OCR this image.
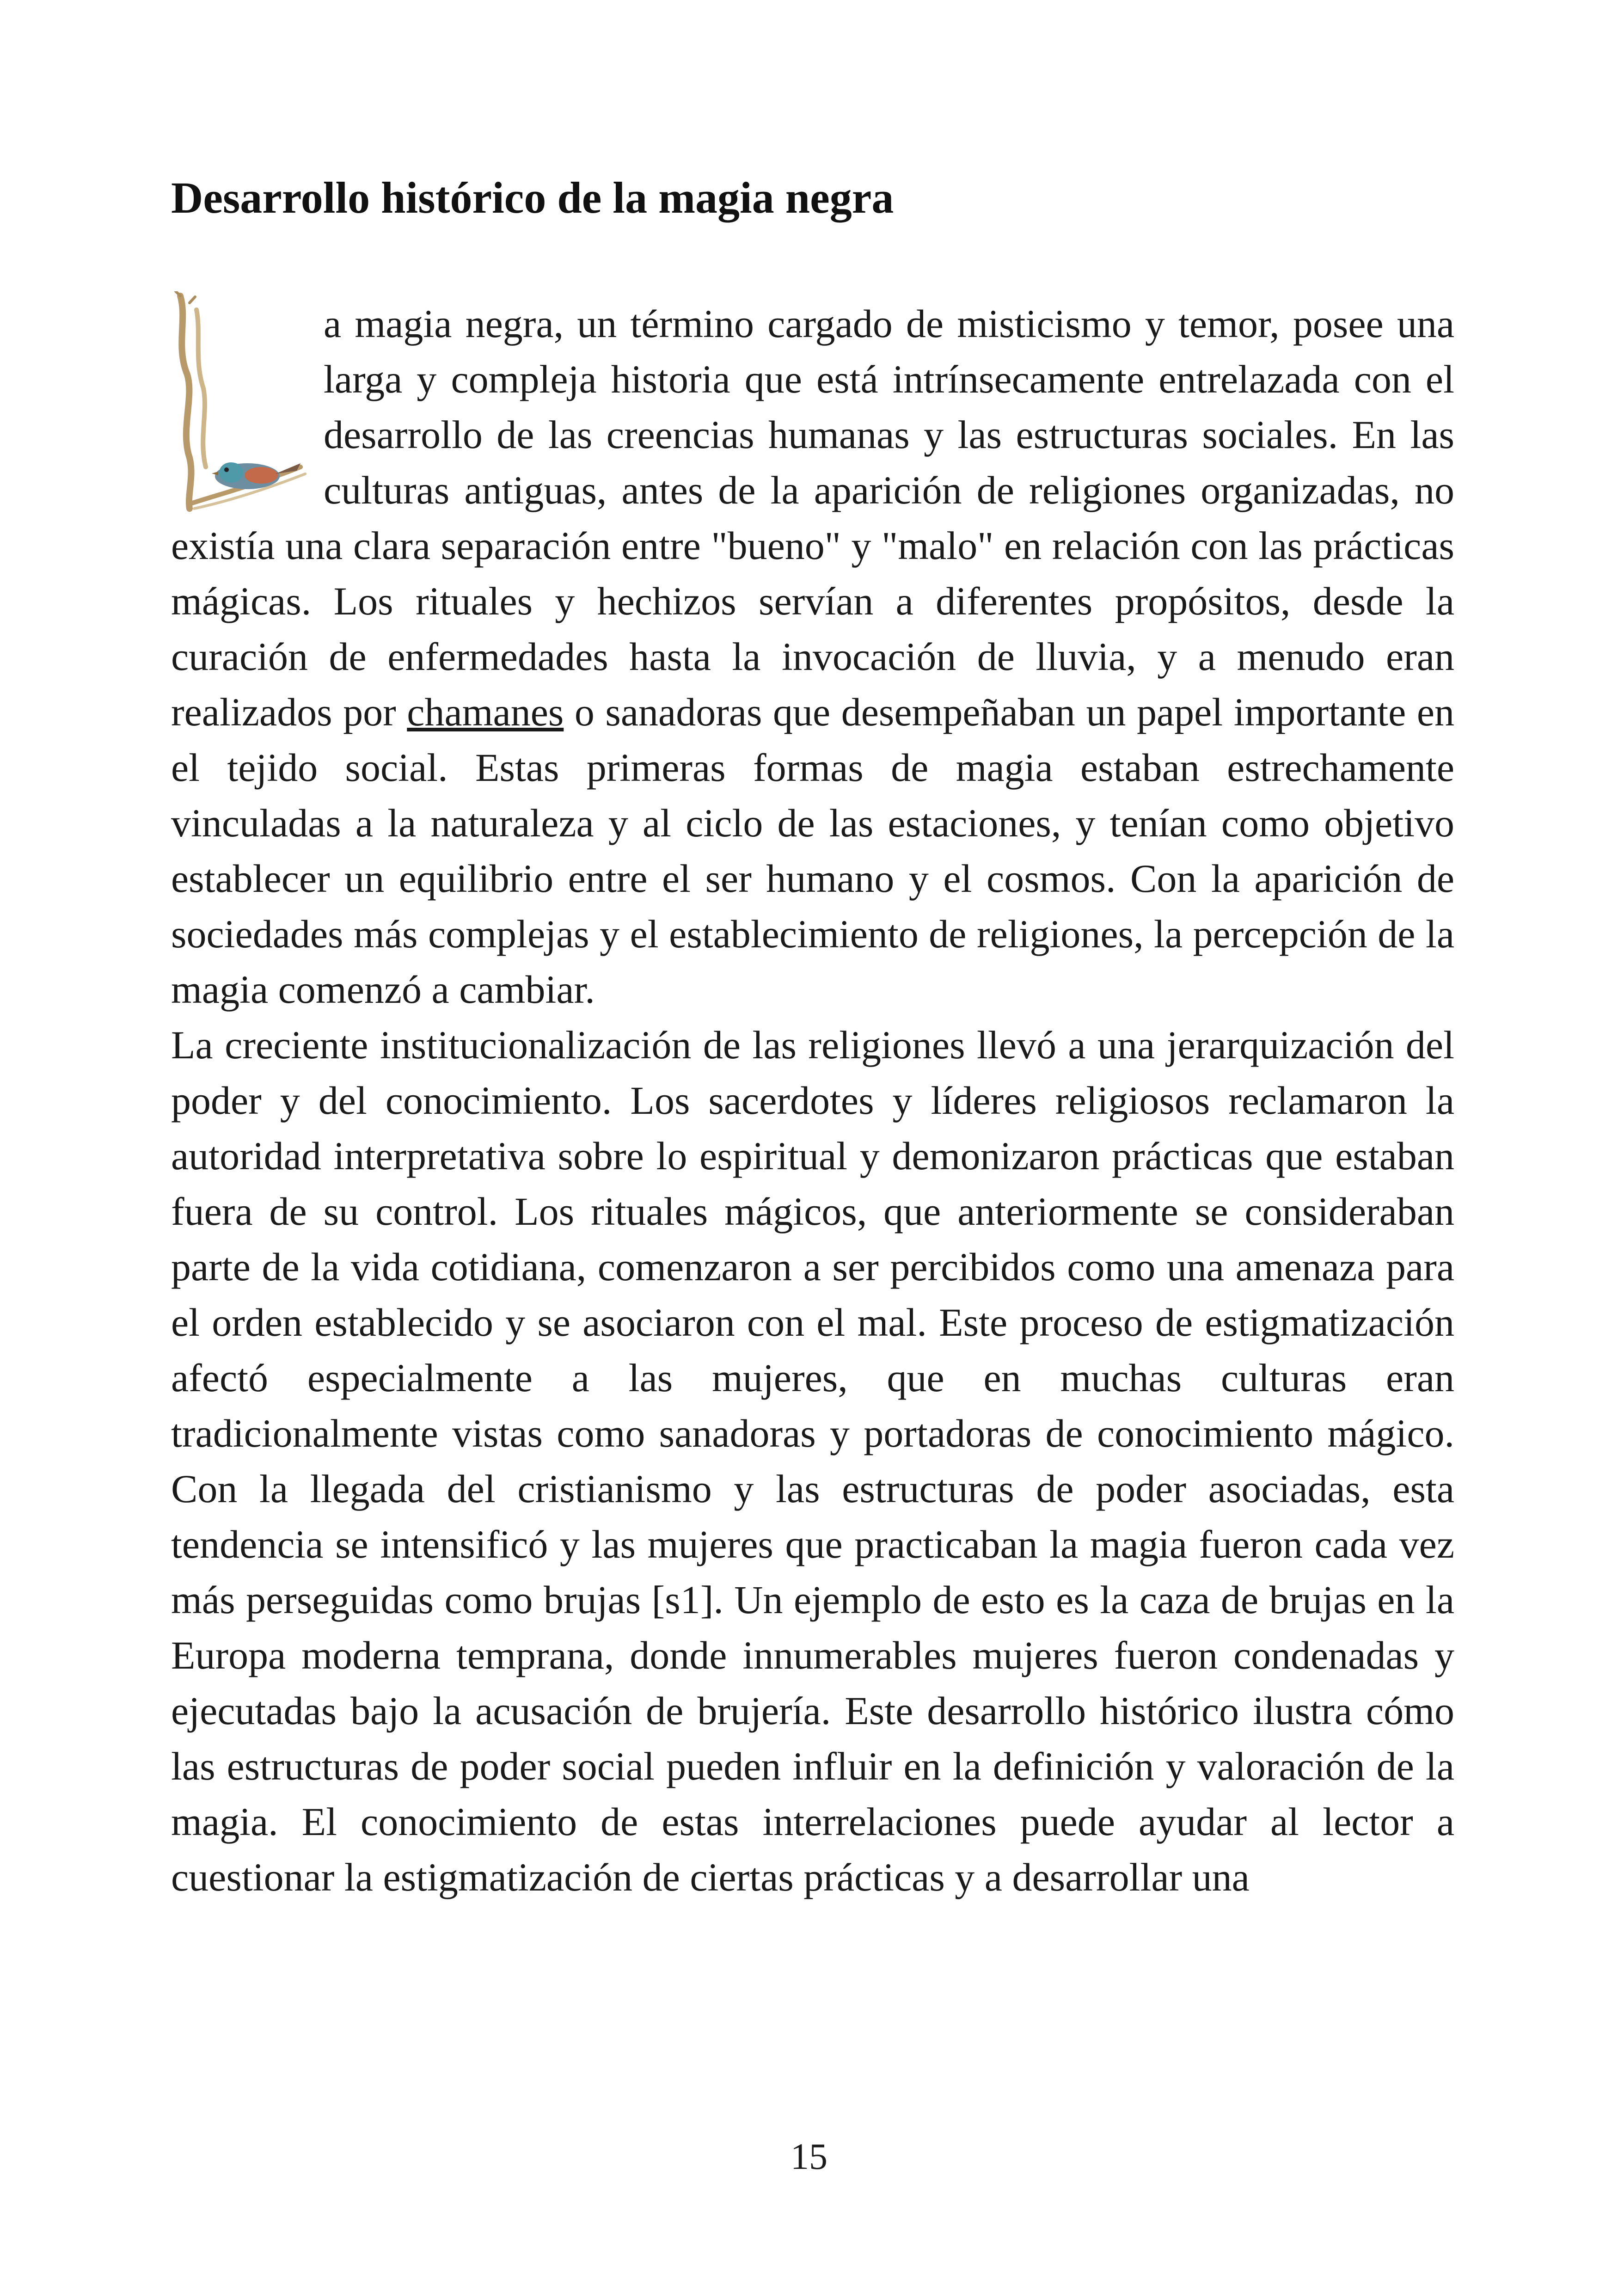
Desarrollo histórico de la magia negra

a magia negra, un término cargado de misticismo y temor, posee una larga y compleja historia que está intrínsecamente entrelazada con el desarrollo de las creencias humanas y las estructuras sociales. En las culturas antiguas, antes de la aparición de religiones organizadas, no existía una clara separación entre "bueno" y "malo" en relación con las prácticas mágicas. Los rituales y hechizos servían a diferentes propósitos, desde la curación de enfermedades hasta la invocación de lluvia, y a menudo eran realizados por chamanes o sanadoras que desempeñaban un papel importante en el tejido social. Estas primeras formas de magia estaban estrechamente vinculadas a la naturaleza y al ciclo de las estaciones, y tenían como objetivo establecer un equilibrio entre el ser humano y el cosmos. Con la aparición de sociedades más complejas y el establecimiento de religiones, la percepción de la magia comenzó a cambiar.

La creciente institucionalización de las religiones llevó a una jerarquización del poder y del conocimiento. Los sacerdotes y líderes religiosos reclamaron la autoridad interpretativa sobre lo espiritual y demonizaron prácticas que estaban fuera de su control. Los rituales mágicos, que anteriormente se consideraban parte de la vida cotidiana, comenzaron a ser percibidos como una amenaza para el orden establecido y se asociaron con el mal. Este proceso de estigmatización afectó especialmente a las mujeres, que en muchas culturas eran tradicionalmente vistas como sanadoras y portadoras de conocimiento mágico. Con la llegada del cristianismo y las estructuras de poder asociadas, esta tendencia se intensificó y las mujeres que practicaban la magia fueron cada vez más perseguidas como brujas [s1]. Un ejemplo de esto es la caza de brujas en la Europa moderna temprana, donde innumerables mujeres fueron condenadas y ejecutadas bajo la acusación de brujería. Este desarrollo histórico ilustra cómo las estructuras de poder social pueden influir en la definición y valoración de la magia. El conocimiento de estas interrelaciones puede ayudar al lector a cuestionar la estigmatización de ciertas prácticas y a desarrollar una

15
